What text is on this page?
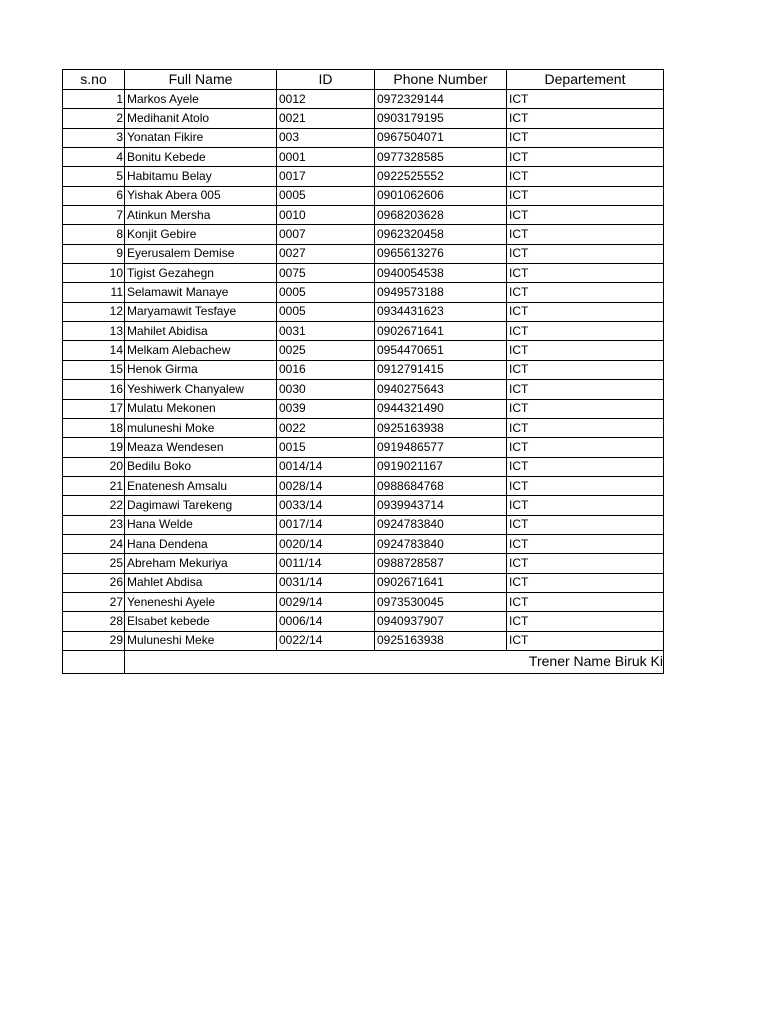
s.no	Full Name	ID	Phone Number	Departement
1	Markos Ayele	0012	0972329144	ICT
2	Medihanit Atolo	0021	0903179195	ICT
3	Yonatan Fikire	003	0967504071	ICT
4	Bonitu Kebede	0001	0977328585	ICT
5	Habitamu Belay	0017	0922525552	ICT
6	Yishak Abera 005	0005	0901062606	ICT
7	Atinkun Mersha	0010	0968203628	ICT
8	Konjit Gebire	0007	0962320458	ICT
9	Eyerusalem Demise	0027	0965613276	ICT
10	Tigist Gezahegn	0075	0940054538	ICT
11	Selamawit Manaye	0005	0949573188	ICT
12	Maryamawit Tesfaye	0005	0934431623	ICT
13	Mahilet Abidisa	0031	0902671641	ICT
14	Melkam Alebachew	0025	0954470651	ICT
15	Henok Girma	0016	0912791415	ICT
16	Yeshiwerk Chanyalew	0030	0940275643	ICT
17	Mulatu Mekonen	0039	0944321490	ICT
18	muluneshi Moke	0022	0925163938	ICT
19	Meaza Wendesen	0015	0919486577	ICT
20	Bedilu Boko	0014/14	0919021167	ICT
21	Enatenesh Amsalu	0028/14	0988684768	ICT
22	Dagimawi Tarekeng	0033/14	0939943714	ICT
23	Hana Welde	0017/14	0924783840	ICT
24	Hana Dendena	0020/14	0924783840	ICT
25	Abreham Mekuriya	0011/14	0988728587	ICT
26	Mahlet Abdisa	0031/14	0902671641	ICT
27	Yeneneshi Ayele	0029/14	0973530045	ICT
28	Elsabet kebede	0006/14	0940937907	ICT
29	Muluneshi Meke	0022/14	0925163938	ICT
	Trener Name Biruk Ki			
